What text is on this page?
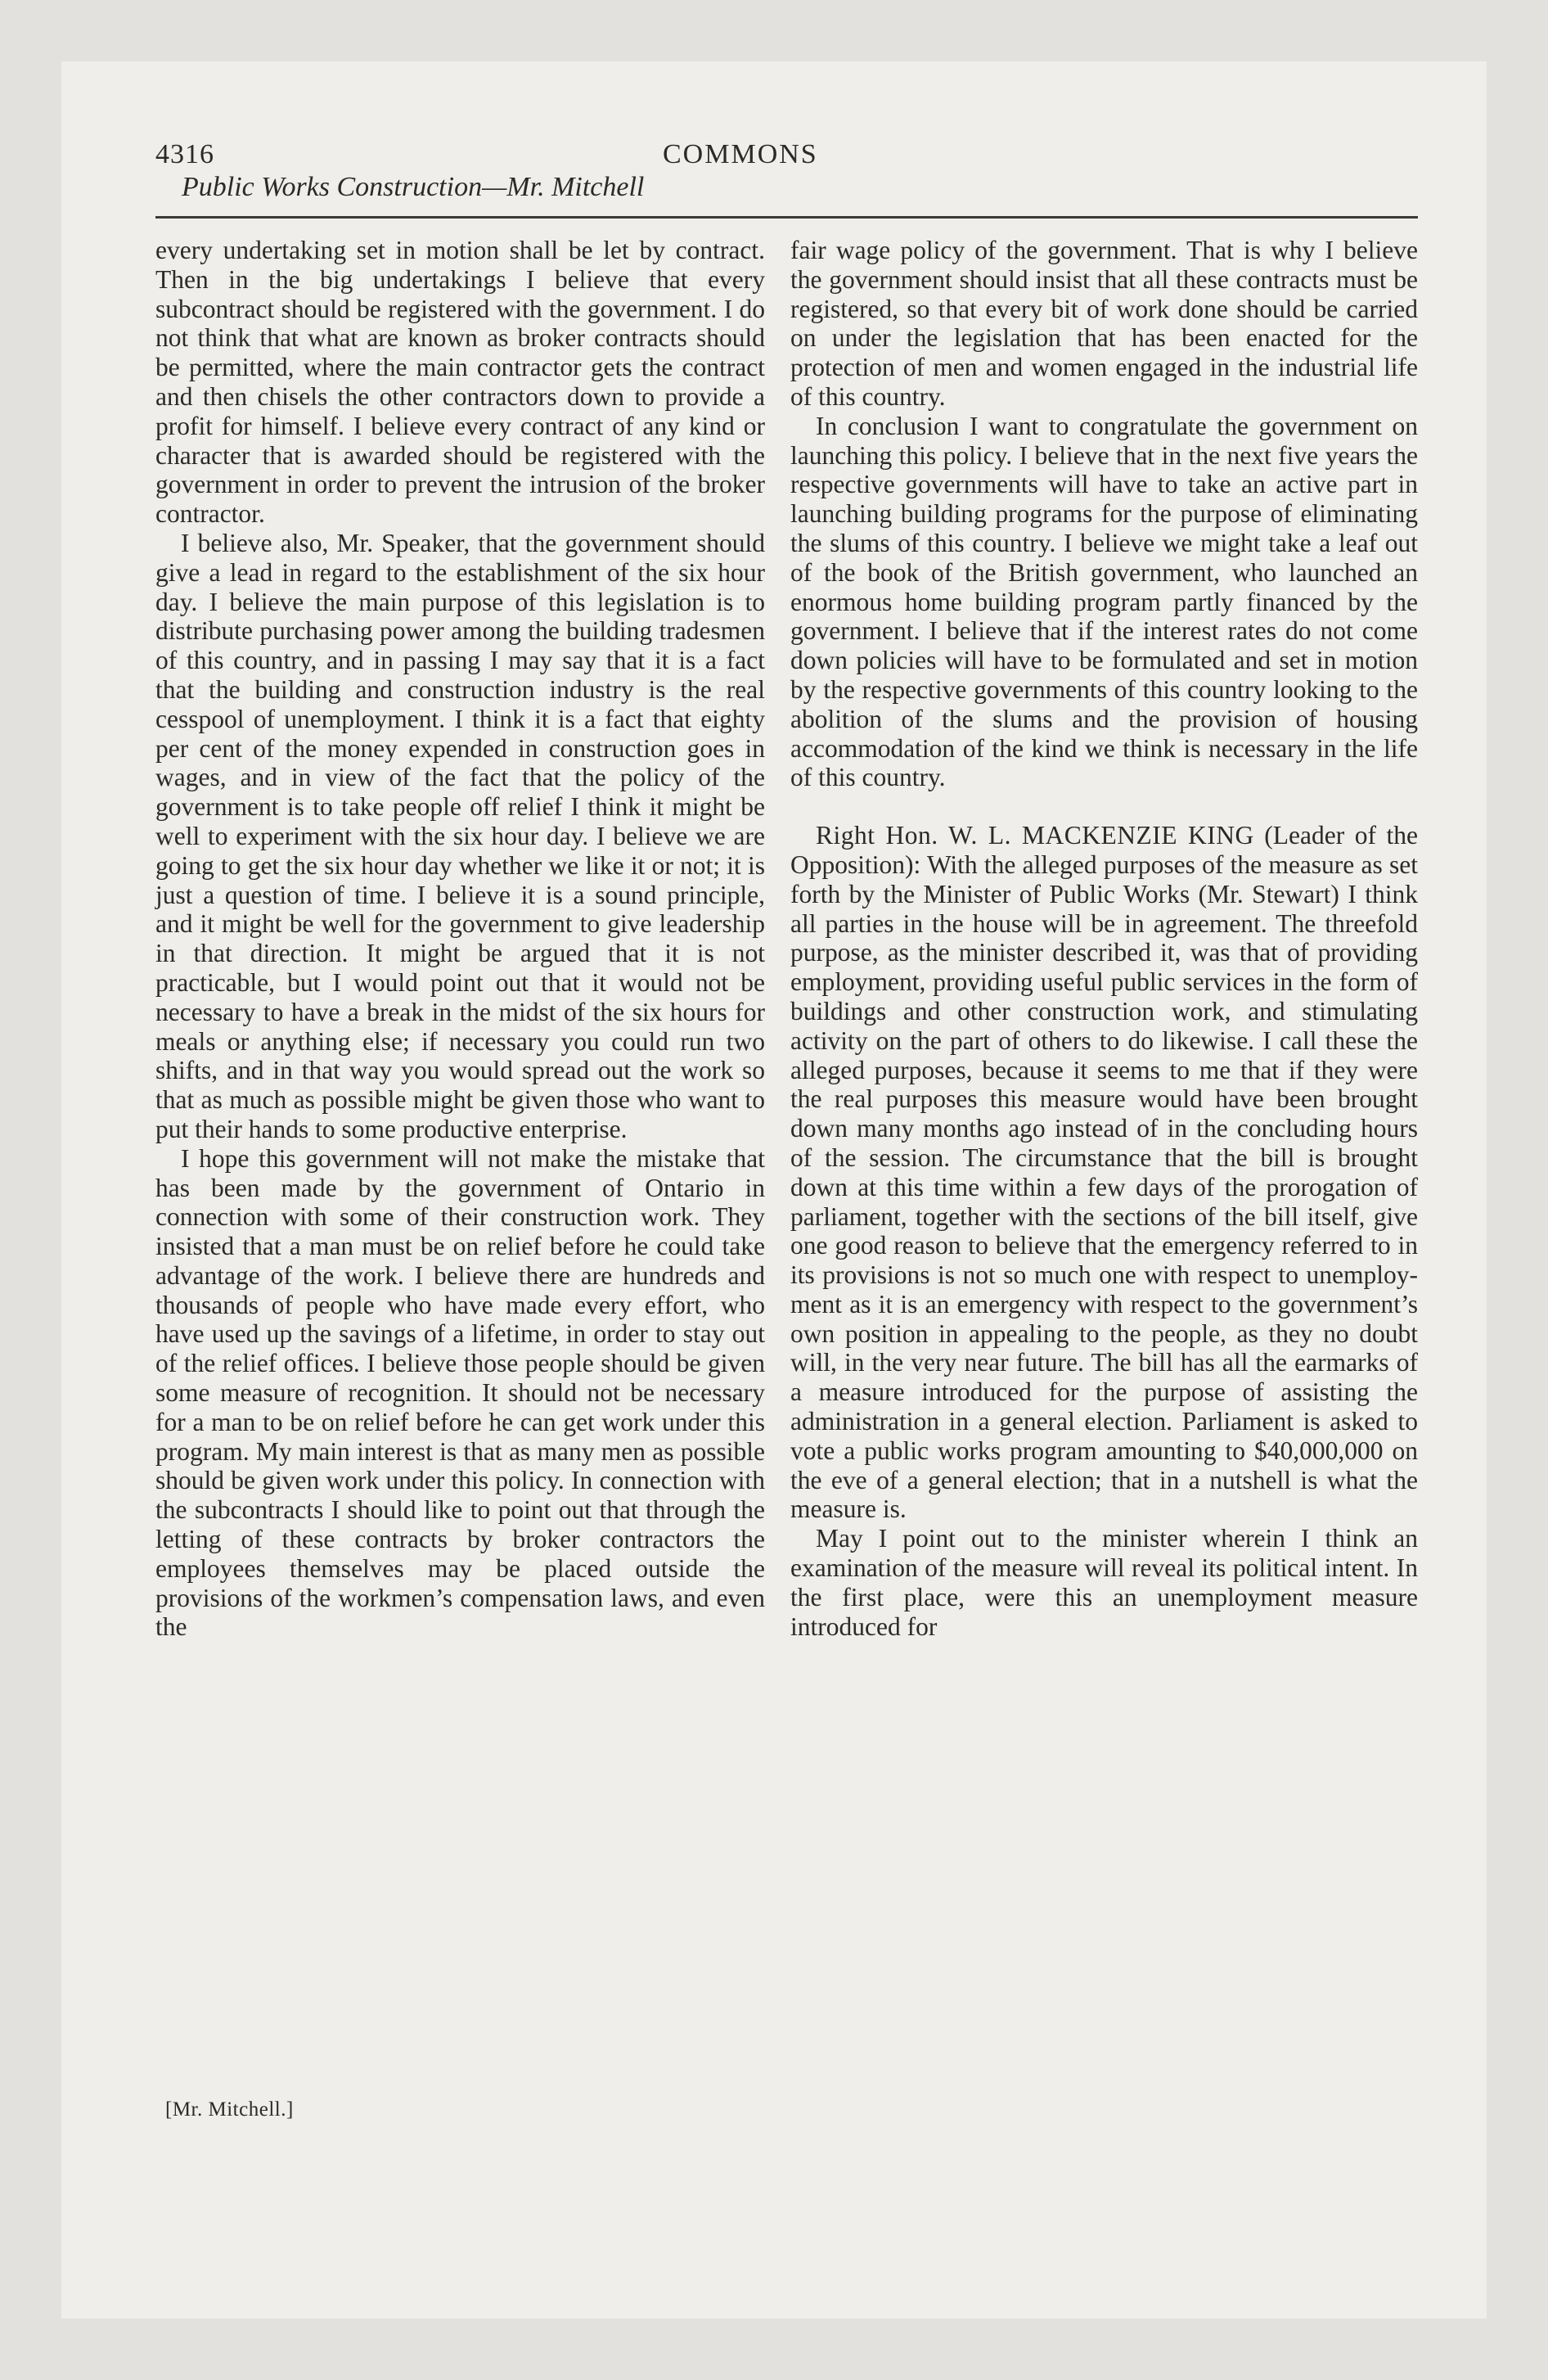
4316	COMMONS
Public Works Construction—Mr. Mitchell

every undertaking set in motion shall be let by contract. Then in the big undertakings I believe that every subcontract should be registered with the government. I do not think that what are known as broker contracts should be permitted, where the main contractor gets the contract and then chisels the other contractors down to provide a profit for himself. I believe every contract of any kind or character that is awarded should be registered with the government in order to prevent the intrusion of the broker contractor.

I believe also, Mr. Speaker, that the government should give a lead in regard to the establishment of the six hour day. I believe the main purpose of this legislation is to distribute purchasing power among the building tradesmen of this country, and in passing I may say that it is a fact that the building and construction industry is the real cesspool of unemployment. I think it is a fact that eighty per cent of the money expended in construction goes in wages, and in view of the fact that the policy of the government is to take people off relief I think it might be well to experiment with the six hour day. I believe we are going to get the six hour day whether we like it or not; it is just a question of time. I believe it is a sound principle, and it might be well for the government to give leadership in that direction. It might be argued that it is not practicable, but I would point out that it would not be necessary to have a break in the midst of the six hours for meals or anything else; if necessary you could run two shifts, and in that way you would spread out the work so that as much as possible might be given those who want to put their hands to some productive enterprise.

I hope this government will not make the mistake that has been made by the government of Ontario in connection with some of their construction work. They insisted that a man must be on relief before he could take advantage of the work. I believe there are hundreds and thousands of people who have made every effort, who have used up the savings of a lifetime, in order to stay out of the relief offices. I believe those people should be given some measure of recognition. It should not be necessary for a man to be on relief before he can get work under this program. My main interest is that as many men as possible should be given work under this policy. In connection with the subcontracts I should like to point out that through the letting of these contracts by broker contractors the employees themselves may be placed outside the provisions of the workmen’s compensation laws, and even the

[Mr. Mitchell.]

fair wage policy of the government. That is why I believe the government should insist that all these contracts must be registered, so that every bit of work done should be carried on under the legislation that has been enacted for the protection of men and women engaged in the industrial life of this country.

In conclusion I want to congratulate the government on launching this policy. I believe that in the next five years the respective governments will have to take an active part in launching building programs for the purpose of eliminating the slums of this country. I believe we might take a leaf out of the book of the British government, who launched an enormous home building program partly financed by the government. I believe that if the interest rates do not come down policies will have to be formulated and set in motion by the respective governments of this country looking to the abolition of the slums and the provision of housing accommodation of the kind we think is necessary in the life of this country.

Right Hon. W. L. MACKENZIE KING (Leader of the Opposition): With the alleged purposes of the measure as set forth by the Minister of Public Works (Mr. Stewart) I think all parties in the house will be in agreement. The threefold purpose, as the minister described it, was that of providing employment, providing useful public services in the form of buildings and other construction work, and stimulating activity on the part of others to do likewise. I call these the alleged purposes, because it seems to me that if they were the real purposes this measure would have been brought down many months ago instead of in the concluding hours of the session. The circumstance that the bill is brought down at this time within a few days of the prorogation of parliament, together with the sections of the bill itself, give one good reason to believe that the emergency referred to in its provisions is not so much one with respect to unemployment as it is an emergency with respect to the government’s own position in appealing to the people, as they no doubt will, in the very near future. The bill has all the earmarks of a measure introduced for the purpose of assisting the administration in a general election. Parliament is asked to vote a public works program amounting to $40,000,000 on the eve of a general election; that in a nutshell is what the measure is.

May I point out to the minister wherein I think an examination of the measure will reveal its political intent. In the first place, were this an unemployment measure introduced for
